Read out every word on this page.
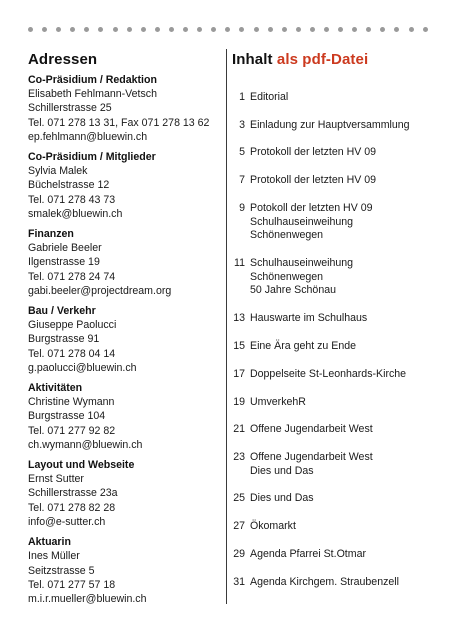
Adressen
Co-Präsidium / Redaktion
Elisabeth Fehlmann-Vetsch
Schillerstrasse 25
Tel. 071 278 13 31, Fax 071 278 13 62
ep.fehlmann@bluewin.ch
Co-Präsidium / Mitglieder
Sylvia Malek
Büchelstrasse 12
Tel. 071 278 43 73
smalek@bluewin.ch
Finanzen
Gabriele Beeler
Ilgenstrasse 19
Tel. 071 278 24 74
gabi.beeler@projectdream.org
Bau / Verkehr
Giuseppe Paolucci
Burgstrasse 91
Tel. 071 278 04 14
g.paolucci@bluewin.ch
Aktivitäten
Christine Wymann
Burgstrasse 104
Tel. 071 277 92 82
ch.wymann@bluewin.ch
Layout und Webseite
Ernst Sutter
Schillerstrasse 23a
Tel. 071 278 82 28
info@e-sutter.ch
Aktuarin
Ines Müller
Seitzstrasse 5
Tel. 071 277 57 18
m.i.r.mueller@bluewin.ch
Inhalt als pdf-Datei
1 Editorial
3 Einladung zur Hauptversammlung
5 Protokoll der letzten HV 09
7 Protokoll der letzten HV 09
9 Potokoll der letzten HV 09
Schulhauseinweihung
Schönenwegen
11 Schulhauseinweihung
Schönenwegen
50 Jahre Schönau
13 Hauswarte im Schulhaus
15 Eine Ära geht zu Ende
17 Doppelseite St-Leonhards-Kirche
19 UmverkehR
21 Offene Jugendarbeit West
23 Offene Jugendarbeit West
Dies und Das
25 Dies und Das
27 Ökomarkt
29 Agenda Pfarrei St.Otmar
31 Agenda Kirchgem. Straubenzell
